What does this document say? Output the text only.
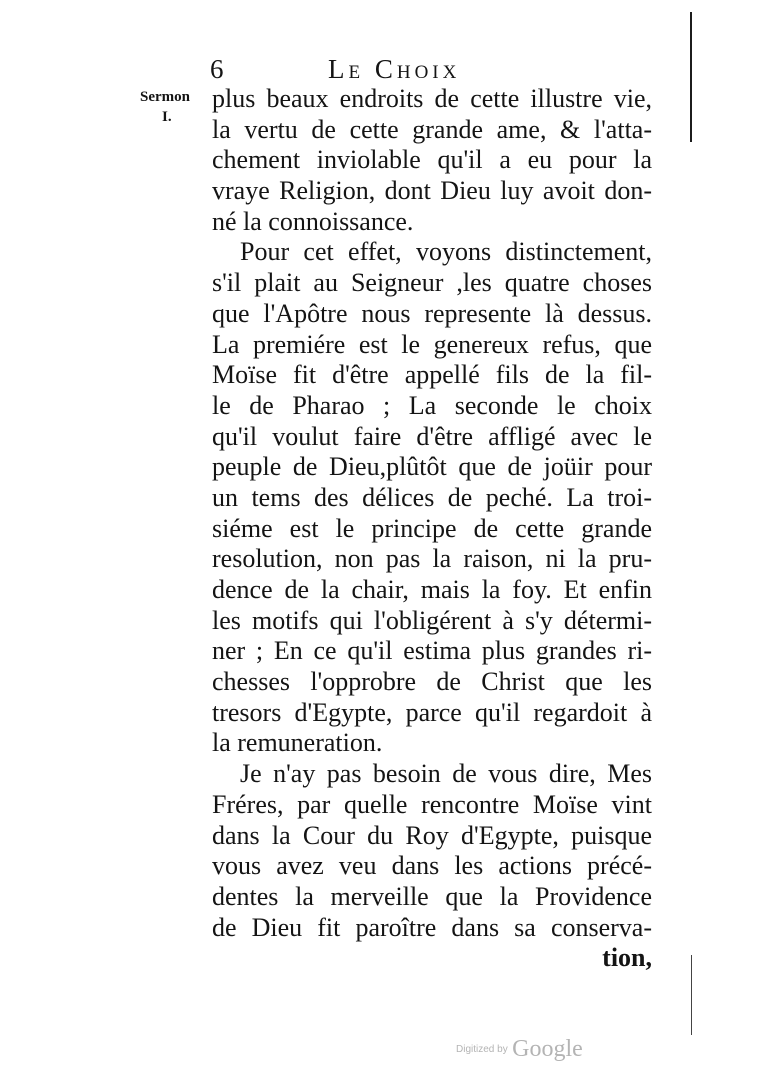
6	Le Choix
Sermon
I.
plus beaux endroits de cette illustre vie,
la vertu de cette grande ame, & l'atta-
chement inviolable qu'il a eu pour la
vraye Religion, dont Dieu luy avoit don-
né la connoissance.
Pour cet effet, voyons distinctement,
s'il plait au Seigneur ,les quatre choses
que l'Apôtre nous represente là dessus.
La premiére est le genereux refus, que
Moïse fit d'être appellé fils de la fil-
le de Pharao ; La seconde le choix
qu'il voulut faire d'être affligé avec le
peuple de Dieu,plûtôt que de joüir pour
un tems des délices de peché. La troi-
siéme est le principe de cette grande
resolution, non pas la raison, ni la pru-
dence de la chair, mais la foy. Et enfin
les motifs qui l'obligérent à s'y détermi-
ner ; En ce qu'il estima plus grandes ri-
chesses l'opprobre de Christ que les
tresors d'Egypte, parce qu'il regardoit à
la remuneration.
Je n'ay pas besoin de vous dire, Mes
Fréres, par quelle rencontre Moïse vint
dans la Cour du Roy d'Egypte, puisque
vous avez veu dans les actions précé-
dentes la merveille que la Providence
de Dieu fit paroître dans sa conserva-
tion,
Digitized by Google
